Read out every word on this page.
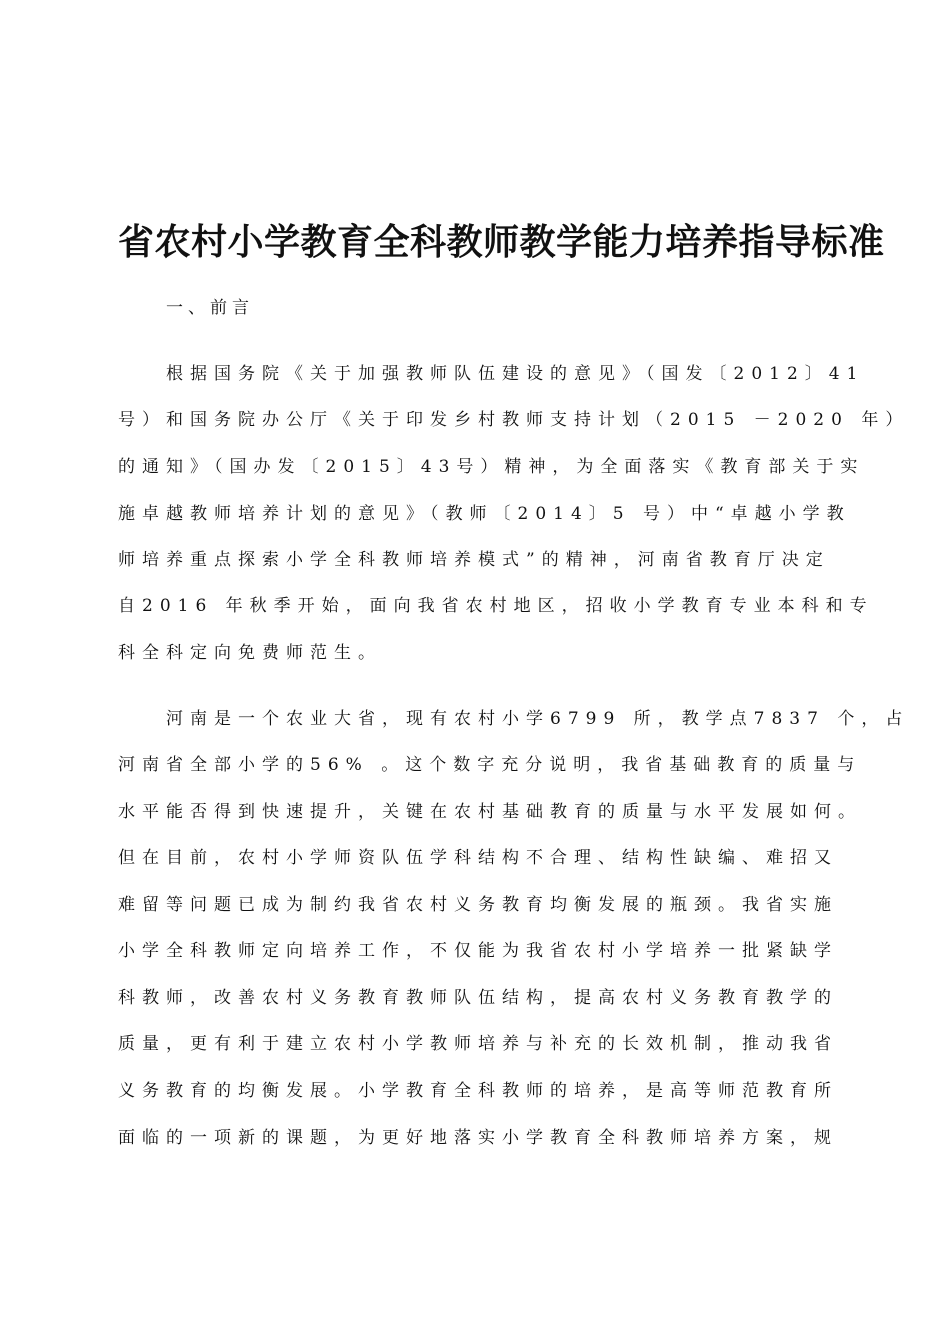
省农村小学教育全科教师教学能力培养指导标准
一、前言
根据国务院《关于加强教师队伍建设的意见》（国发〔2012〕41
号）和国务院办公厅《关于印发乡村教师支持计划（2015 －2020 年）
的通知》（国办发〔2015〕43号）精神，为全面落实《教育部关于实
施卓越教师培养计划的意见》（教师〔2014〕5 号）中“卓越小学教
师培养重点探索小学全科教师培养模式”的精神，河南省教育厅决定
自2016 年秋季开始，面向我省农村地区，招收小学教育专业本科和专
科全科定向免费师范生。
河南是一个农业大省，现有农村小学6799 所，教学点7837 个，占
河南省全部小学的56% 。这个数字充分说明，我省基础教育的质量与
水平能否得到快速提升，关键在农村基础教育的质量与水平发展如何。
但在目前，农村小学师资队伍学科结构不合理、结构性缺编、难招又
难留等问题已成为制约我省农村义务教育均衡发展的瓶颈。我省实施
小学全科教师定向培养工作，不仅能为我省农村小学培养一批紧缺学
科教师，改善农村义务教育教师队伍结构，提高农村义务教育教学的
质量，更有利于建立农村小学教师培养与补充的长效机制，推动我省
义务教育的均衡发展。小学教育全科教师的培养，是高等师范教育所
面临的一项新的课题，为更好地落实小学教育全科教师培养方案，规
